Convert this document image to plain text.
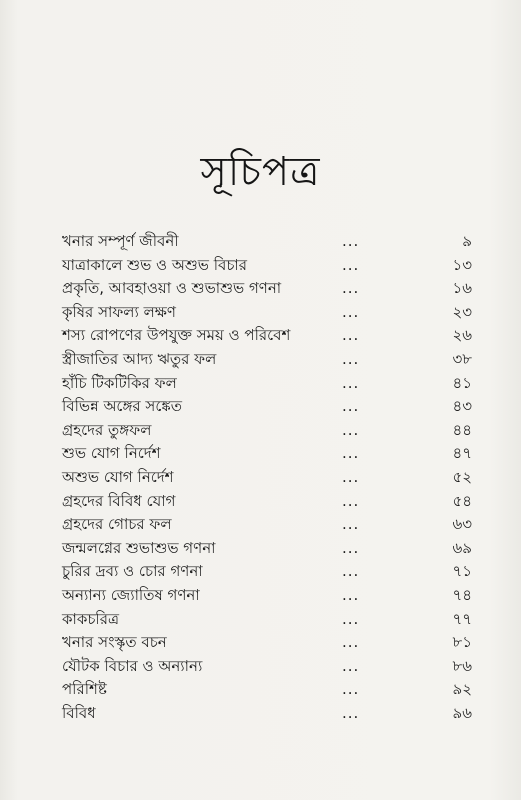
সূচিপত্র
খনার সম্পূর্ণ জীবনী	...	৯
যাত্রাকালে শুভ ও অশুভ বিচার	...	১৩
প্রকৃতি, আবহাওয়া ও শুভাশুভ গণনা	...	১৬
কৃষির সাফল্য লক্ষণ	...	২৩
শস্য রোপণের উপযুক্ত সময় ও পরিবেশ	...	২৬
স্ত্রীজাতির আদ্য ঋতুর ফল	...	৩৮
হাঁচি টিকটিকির ফল	...	৪১
বিভিন্ন অঙ্গের সঙ্কেত	...	৪৩
গ্রহদের তুঙ্গফল	...	৪৪
শুভ যোগ নির্দেশ	...	৪৭
অশুভ যোগ নির্দেশ	...	৫২
গ্রহদের বিবিধ যোগ	...	৫৪
গ্রহদের গোচর ফল	...	৬৩
জন্মলগ্নের শুভাশুভ গণনা	...	৬৯
চুরির দ্রব্য ও চোর গণনা	...	৭১
অন্যান্য জ্যোতিষ গণনা	...	৭৪
কাকচরিত্র	...	৭৭
খনার সংস্কৃত বচন	...	৮১
যৌটক বিচার ও অন্যান্য	...	৮৬
পরিশিষ্ট	...	৯২
বিবিধ	...	৯৬
